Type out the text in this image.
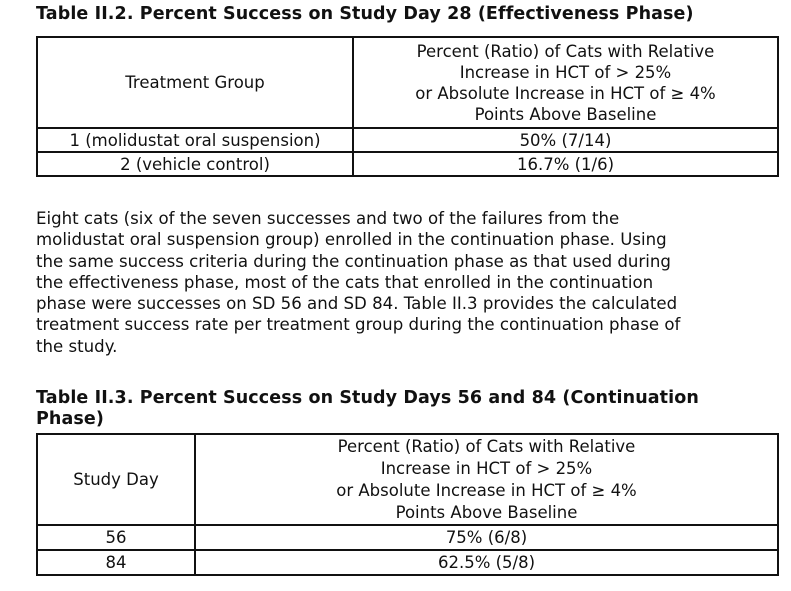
Table II.2. Percent Success on Study Day 28 (Effectiveness Phase)
Treatment Group	Percent (Ratio) of Cats with Relative
Increase in HCT of > 25%
or Absolute Increase in HCT of ≥ 4%
Points Above Baseline

1 (molidustat oral suspension)	50% (7/14)
2 (vehicle control)	16.7% (1/6)

Eight cats (six of the seven successes and two of the failures from the
molidustat oral suspension group) enrolled in the continuation phase. Using
the same success criteria during the continuation phase as that used during
the effectiveness phase, most of the cats that enrolled in the continuation
phase were successes on SD 56 and SD 84. Table II.3 provides the calculated
treatment success rate per treatment group during the continuation phase of
the study.

Table II.3. Percent Success on Study Days 56 and 84 (Continuation
Phase)
Study Day	Percent (Ratio) of Cats with Relative
Increase in HCT of > 25%
or Absolute Increase in HCT of ≥ 4%
Points Above Baseline

56	75% (6/8)
84	62.5% (5/8)
